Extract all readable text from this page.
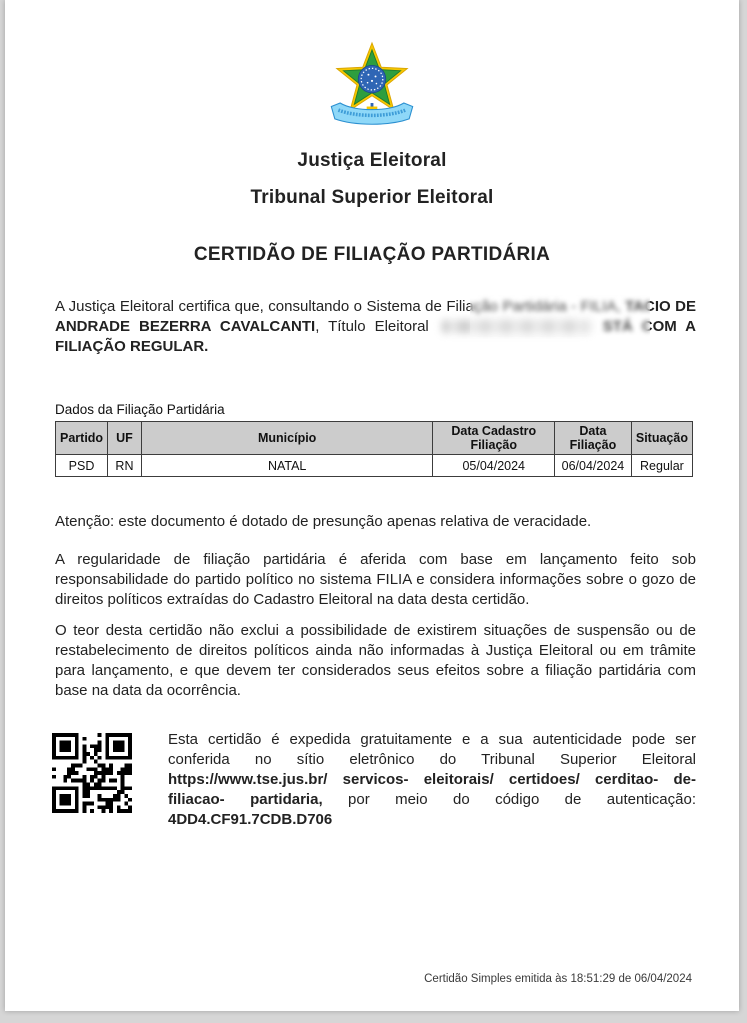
Justiça Eleitoral
Tribunal Superior Eleitoral
CERTIDÃO DE FILIAÇÃO PARTIDÁRIA
A Justiça Eleitoral certifica que, consultando o Sistema de Filiação Partidária - FILIA, TACIO DE ANDRADE BEZERRA CAVALCANTI, Título Eleitoral	STÁ COM A FILIAÇÃO REGULAR.
Dados da Filiação Partidária
Partido	UF	Município	Data Cadastro Filiação	Data Filiação	Situação
PSD	RN	NATAL	05/04/2024	06/04/2024	Regular
Atenção: este documento é dotado de presunção apenas relativa de veracidade.
A regularidade de filiação partidária é aferida com base em lançamento feito sob responsabilidade do partido político no sistema FILIA e considera informações sobre o gozo de direitos políticos extraídas do Cadastro Eleitoral na data desta certidão.
O teor desta certidão não exclui a possibilidade de existirem situações de suspensão ou de restabelecimento de direitos políticos ainda não informadas à Justiça Eleitoral ou em trâmite para lançamento, e que devem ter considerados seus efeitos sobre a filiação partidária com base na data da ocorrência.
Esta certidão é expedida gratuitamente e a sua autenticidade pode ser conferida no sítio eletrônico do Tribunal Superior Eleitoral https://www.tse.jus.br/ servicos- eleitorais/ certidoes/ cerditao- de- filiacao- partidaria, por meio do código de autenticação: 4DD4.CF91.7CDB.D706
Certidão Simples emitida às 18:51:29 de 06/04/2024
